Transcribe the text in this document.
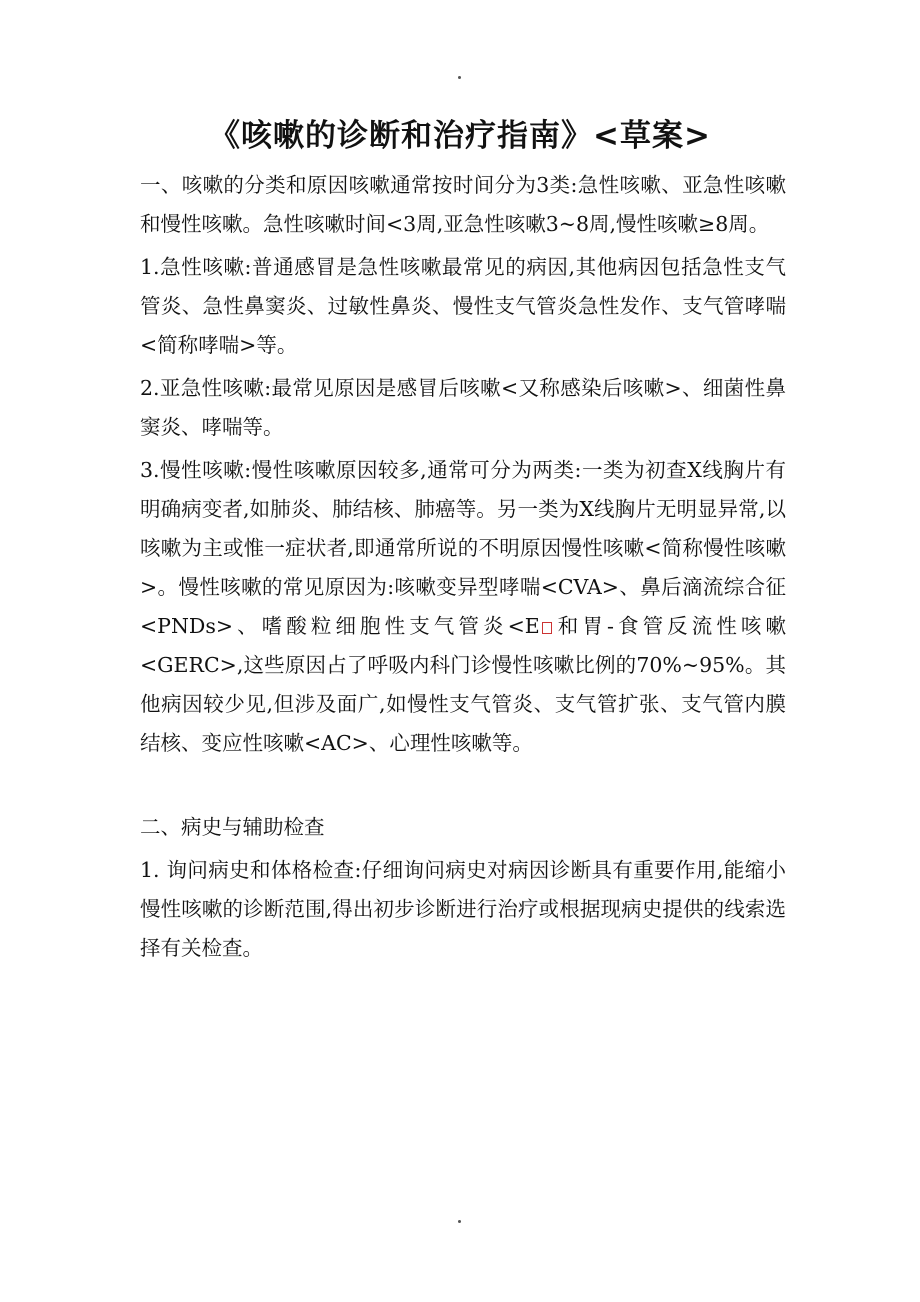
《咳嗽的诊断和治疗指南》<草案>

一、咳嗽的分类和原因咳嗽通常按时间分为3类:急性咳嗽、亚急性咳嗽和慢性咳嗽。急性咳嗽时间<3周,亚急性咳嗽3~8周,慢性咳嗽≥8周。

1.急性咳嗽:普通感冒是急性咳嗽最常见的病因,其他病因包括急性支气管炎、急性鼻窦炎、过敏性鼻炎、慢性支气管炎急性发作、支气管哮喘<简称哮喘>等。

2.亚急性咳嗽:最常见原因是感冒后咳嗽<又称感染后咳嗽>、细菌性鼻窦炎、哮喘等。

3.慢性咳嗽:慢性咳嗽原因较多,通常可分为两类:一类为初查X线胸片有明确病变者,如肺炎、肺结核、肺癌等。另一类为X线胸片无明显异常,以咳嗽为主或惟一症状者,即通常所说的不明原因慢性咳嗽<简称慢性咳嗽>。慢性咳嗽的常见原因为:咳嗽变异型哮喘<CVA>、鼻后滴流综合征<PNDs>、嗜酸粒细胞性支气管炎<E 和胃-食管反流性咳嗽<GERC>,这些原因占了呼吸内科门诊慢性咳嗽比例的70%~95%。其他病因较少见,但涉及面广,如慢性支气管炎、支气管扩张、支气管内膜结核、变应性咳嗽<AC>、心理性咳嗽等。

二、病史与辅助检查

1. 询问病史和体格检查:仔细询问病史对病因诊断具有重要作用,能缩小慢性咳嗽的诊断范围,得出初步诊断进行治疗或根据现病史提供的线索选择有关检查。
